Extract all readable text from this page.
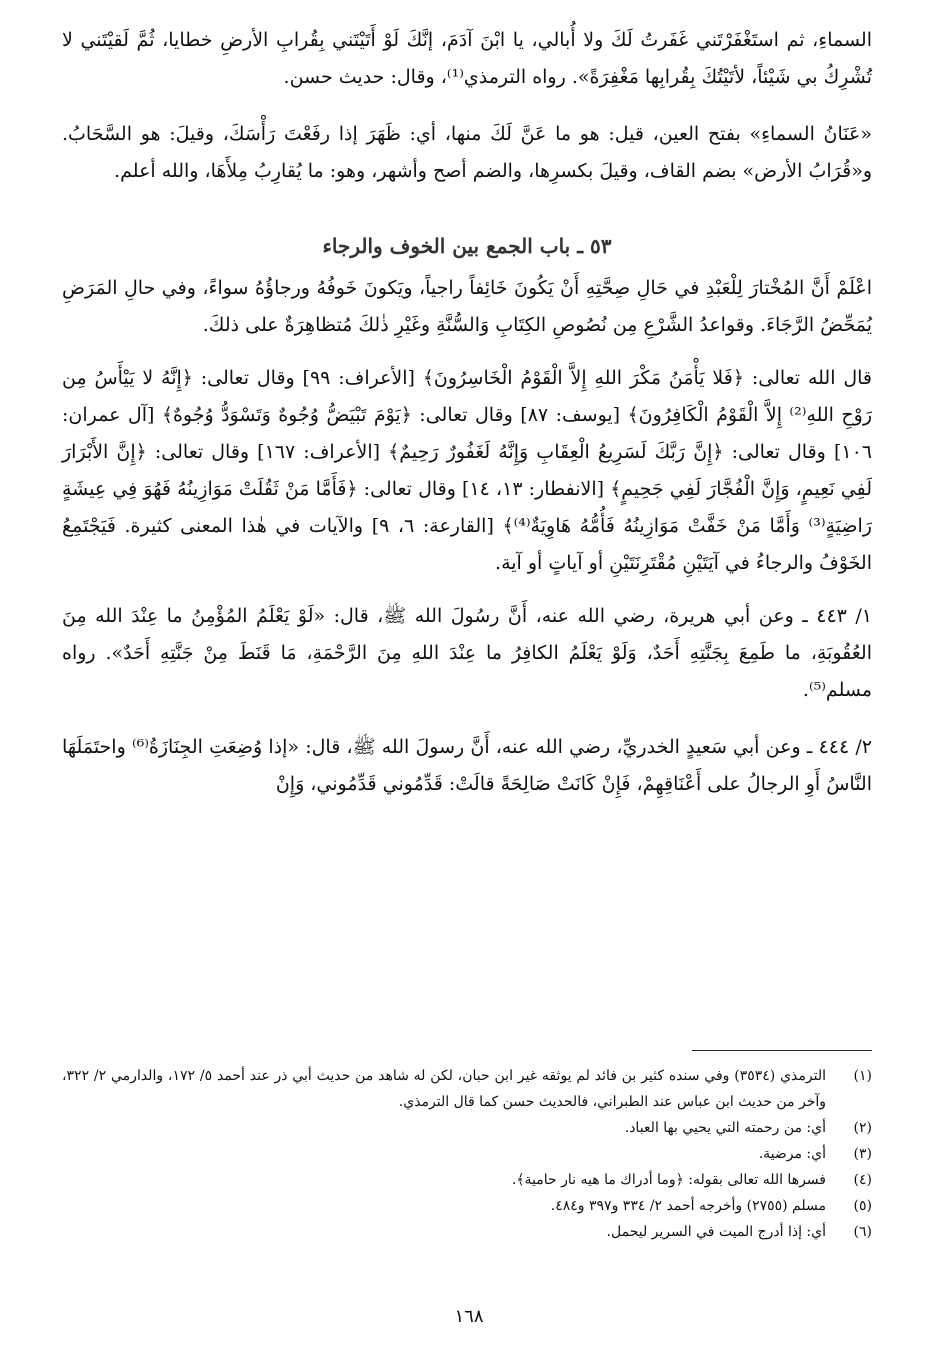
السماءِ، ثم استَغْفَرْتَني غَفَرتُ لَكَ ولا أُبالي، يا ابْنَ آدَمَ، إنَّكَ لَوْ أَتَيْتَني بِقُرابِ الأرضِ خطايا، ثُمَّ لَقيْتَني لا تُشْرِكُ بي شَيْئاً، لأتَيْتُكَ بِقُرابِها مَغْفِرَةً». رواه الترمذي⁽¹⁾، وقال: حديث حسن.

«عَنَانُ السماءِ» بفتح العين، قيل: هو ما عَنَّ لَكَ منها، أي: ظَهَرَ إذا رفَعْتَ رَأْسَكَ، وقيلَ: هو السَّحَابُ. و«قُرَابُ الأرض» بضم القاف، وقيلَ بكسرِها، والضم أصح وأشهر، وهو: ما يُقارِبُ مِلأَهَا، والله أعلم.

٥٣ ـ باب الجمع بين الخوف والرجاء

اعْلَمْ أَنَّ المُخْتارَ لِلْعَبْدِ في حَالِ صِحَّتِهِ أَنْ يَكُونَ خَائِفاً راجياً، ويَكونَ خَوفُهُ ورجاؤُهُ سواءً، وفي حالِ المَرَضِ يُمَحِّضُ الرَّجَاءَ. وقواعدُ الشَّرْعِ مِن نُصُوصِ الكِتَابِ وَالسُّنَّةِ وغَيْرِ ذٰلكَ مُتظاهِرَةٌ على ذلكَ.

قال الله تعالى: ﴿فَلا يَأْمَنُ مَكْرَ اللهِ إِلاَّ الْقَوْمُ الْخَاسِرُونَ﴾ [الأعراف: ٩٩] وقال تعالى: ﴿إِنَّهُ لا يَيْأَسُ مِن رَوْحِ اللهِ⁽²⁾ إِلاَّ الْقَوْمُ الْكَافِرُونَ﴾ [يوسف: ٨٧] وقال تعالى: ﴿يَوْمَ تَبْيَضُّ وُجُوهٌ وَتَسْوَدُّ وُجُوهٌ﴾ [آل عمران: ١٠٦] وقال تعالى: ﴿إِنَّ رَبَّكَ لَسَرِيعُ الْعِقَابِ وَإِنَّهُ لَغَفُورٌ رَحِيمٌ﴾ [الأعراف: ١٦٧] وقال تعالى: ﴿إِنَّ الأَبْرَارَ لَفِي نَعِيمٍ، وَإِنَّ الْفُجَّارَ لَفِي جَحِيمٍ﴾ [الانفطار: ١٣، ١٤] وقال تعالى: ﴿فَأَمَّا مَنْ ثَقُلَتْ مَوَازِينُهُ فَهُوَ فِي عِيشَةٍ رَاضِيَةٍ⁽³⁾ وَأَمَّا مَنْ خَفَّتْ مَوَازِينُهُ فَأُمُّهُ هَاوِيَةٌ⁽⁴⁾﴾ [القارعة: ٦، ٩] والآيات في هٰذا المعنى كثيرة. فَيَجْتَمِعُ الخَوْفُ والرجاءُ في آيَتَيْنِ مُقْتَرِنَتَيْنِ أو آياتٍ أو آية.

١/ ٤٤٣ ـ وعن أبي هريرة، رضي الله عنه، أَنَّ رسُولَ الله ﷺ، قال: «لَوْ يَعْلَمُ المُؤْمِنُ ما عِنْدَ الله مِنَ العُقُوبَةِ، ما طَمِعَ بِجَنَّتِهِ أَحَدٌ، وَلَوْ يَعْلَمُ الكافِرُ ما عِنْدَ اللهِ مِنَ الرَّحْمَةِ، مَا قَنَطَ مِنْ جَنَّتِهِ أَحَدٌ». رواه مسلم⁽⁵⁾.

٢/ ٤٤٤ ـ وعن أبي سَعيدٍ الخدريِّ، رضي الله عنه، أَنَّ رسولَ الله ﷺ، قال: «إذا وُضِعَتِ الجِنَازَةُ⁽⁶⁾ واحتَمَلَهَا النَّاسُ أَوِ الرجالُ على أَعْنَاقِهِمْ، فَإِنْ كَانَتْ صَالِحَةً قالَتْ: قَدِّمُوني قَدِّمُوني، وَإِنْ

(١)
الترمذي (٣٥٣٤) وفي سنده كثير بن فائد لم يوثقه غير ابن حبان، لكن له شاهد من حديث أبي ذر عند أحمد ٥/ ١٧٢، والدارمي ٢/ ٣٢٢، وآخر من حديث ابن عباس عند الطبراني، فالحديث حسن كما قال الترمذي.
(٢)
أي: من رحمته التي يحيي بها العباد.
(٣)
أي: مرضية.
(٤)
فسرها الله تعالى بقوله: ﴿وما أدراك ما هيه نار حامية﴾.
(٥)
مسلم (٢٧٥٥) وأخرجه أحمد ٢/ ٣٣٤ و٣٩٧ و٤٨٤.
(٦)
أي: إذا أدرج الميت في السرير ليحمل.
١٦٨
